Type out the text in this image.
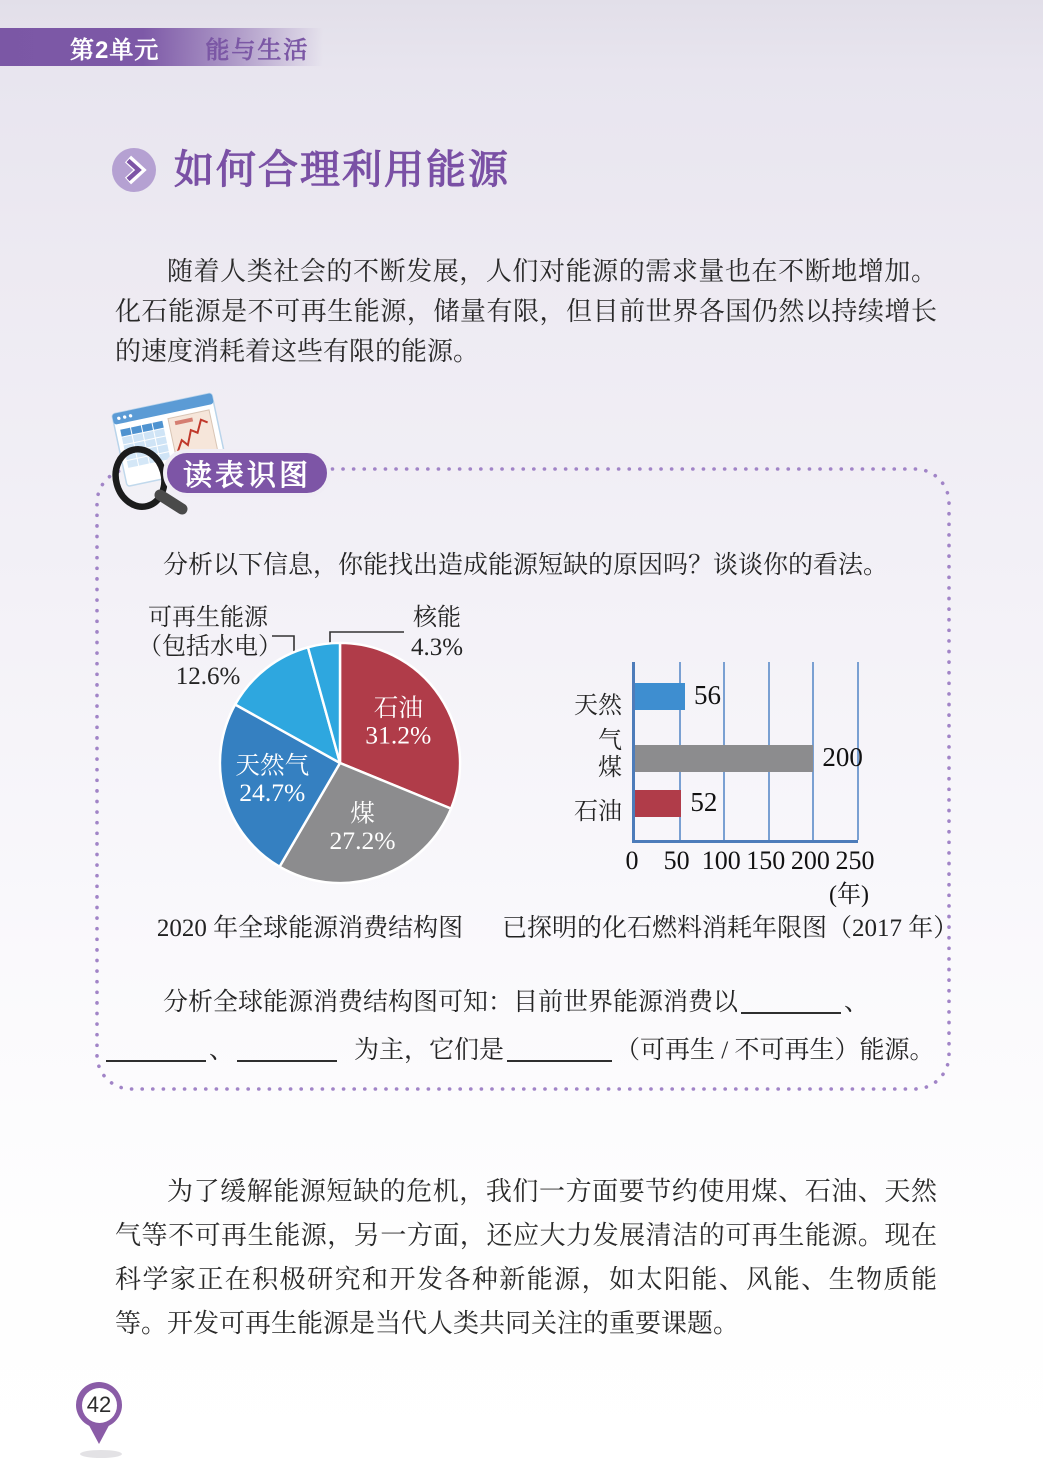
第2单元 能与生活
如何合理利用能源

随着人类社会的不断发展，人们对能源的需求量也在不断地增加。化石能源是不可再生能源，储量有限，但目前世界各国仍然以持续增长的速度消耗着这些有限的能源。

读表识图
分析以下信息，你能找出造成能源短缺的原因吗？谈谈你的看法。
可再生能源
（包括水电）
12.6%
核能
4.3%
石油
31.2%
煤
27.2%
天然气
24.7%
56
200
52
0 50 100 150 200 250
(年)
天然气
煤
石油
2020 年全球能源消费结构图	已探明的化石燃料消耗年限图（2017 年）
分析全球能源消费结构图可知：目前世界能源消费以	、
、	为主，它们是	（可再生 / 不可再生）能源。

为了缓解能源短缺的危机，我们一方面要节约使用煤、石油、天然气等不可再生能源，另一方面，还应大力发展清洁的可再生能源。现在科学家正在积极研究和开发各种新能源，如太阳能、风能、生物质能等。开发可再生能源是当代人类共同关注的重要课题。

42
